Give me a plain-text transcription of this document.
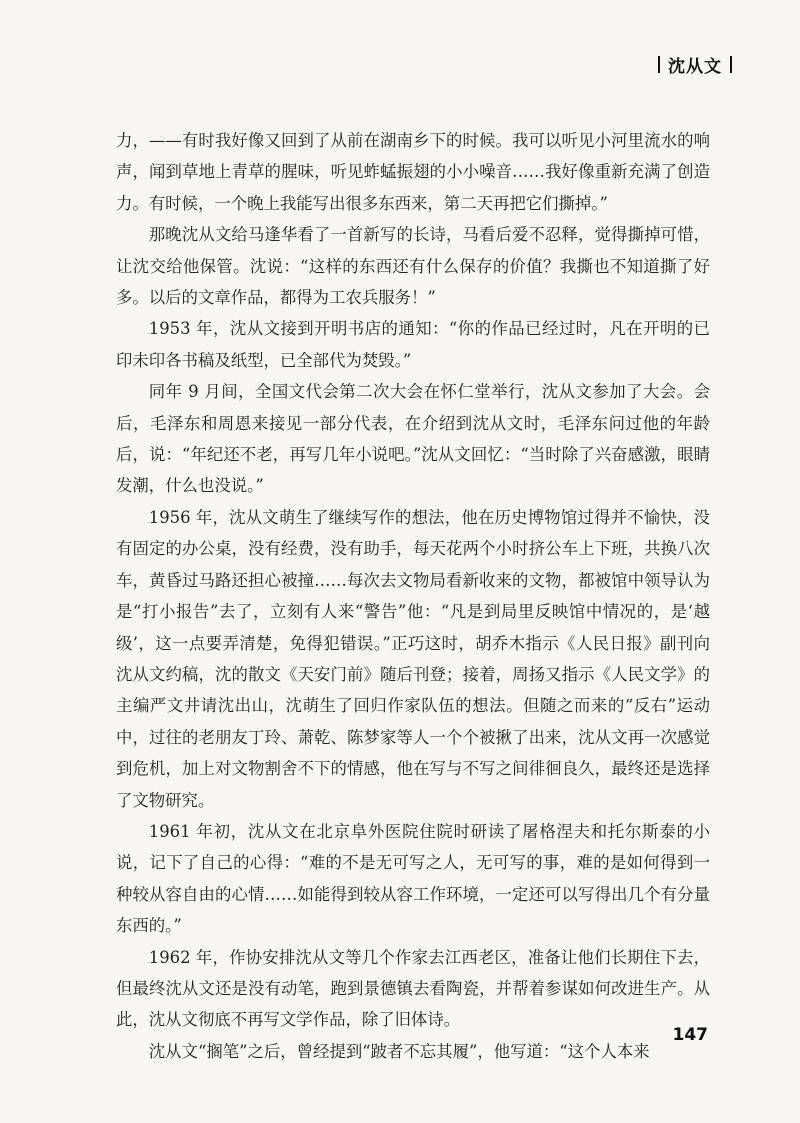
沈从文

力，——有时我好像又回到了从前在湖南乡下的时候。我可以听见小河里流水的响声，闻到草地上青草的腥味，听见蚱蜢振翅的小小噪音……我好像重新充满了创造力。有时候，一个晚上我能写出很多东西来，第二天再把它们撕掉。”

那晚沈从文给马逢华看了一首新写的长诗，马看后爱不忍释，觉得撕掉可惜，让沈交给他保管。沈说：“这样的东西还有什么保存的价值？我撕也不知道撕了好多。以后的文章作品，都得为工农兵服务！”

1953 年，沈从文接到开明书店的通知：“你的作品已经过时，凡在开明的已印未印各书稿及纸型，已全部代为焚毁。”

同年 9 月间，全国文代会第二次大会在怀仁堂举行，沈从文参加了大会。会后，毛泽东和周恩来接见一部分代表，在介绍到沈从文时，毛泽东问过他的年龄后，说：“年纪还不老，再写几年小说吧。”沈从文回忆：“当时除了兴奋感激，眼睛发潮，什么也没说。”

1956 年，沈从文萌生了继续写作的想法，他在历史博物馆过得并不愉快，没有固定的办公桌，没有经费，没有助手，每天花两个小时挤公车上下班，共换八次车，黄昏过马路还担心被撞……每次去文物局看新收来的文物，都被馆中领导认为是“打小报告”去了，立刻有人来“警告”他：“凡是到局里反映馆中情况的，是‘越级’，这一点要弄清楚，免得犯错误。”正巧这时，胡乔木指示《人民日报》副刊向沈从文约稿，沈的散文《天安门前》随后刊登；接着，周扬又指示《人民文学》的主编严文井请沈出山，沈萌生了回归作家队伍的想法。但随之而来的“反右”运动中，过往的老朋友丁玲、萧乾、陈梦家等人一个个被揪了出来，沈从文再一次感觉到危机，加上对文物割舍不下的情感，他在写与不写之间徘徊良久，最终还是选择了文物研究。

1961 年初，沈从文在北京阜外医院住院时研读了屠格涅夫和托尔斯泰的小说，记下了自己的心得：“难的不是无可写之人，无可写的事，难的是如何得到一种较从容自由的心情……如能得到较从容工作环境，一定还可以写得出几个有分量东西的。”

1962 年，作协安排沈从文等几个作家去江西老区，准备让他们长期住下去，但最终沈从文还是没有动笔，跑到景德镇去看陶瓷，并帮着参谋如何改进生产。从此，沈从文彻底不再写文学作品，除了旧体诗。

沈从文“搁笔”之后，曾经提到“跛者不忘其履”，他写道：“这个人本来

147
